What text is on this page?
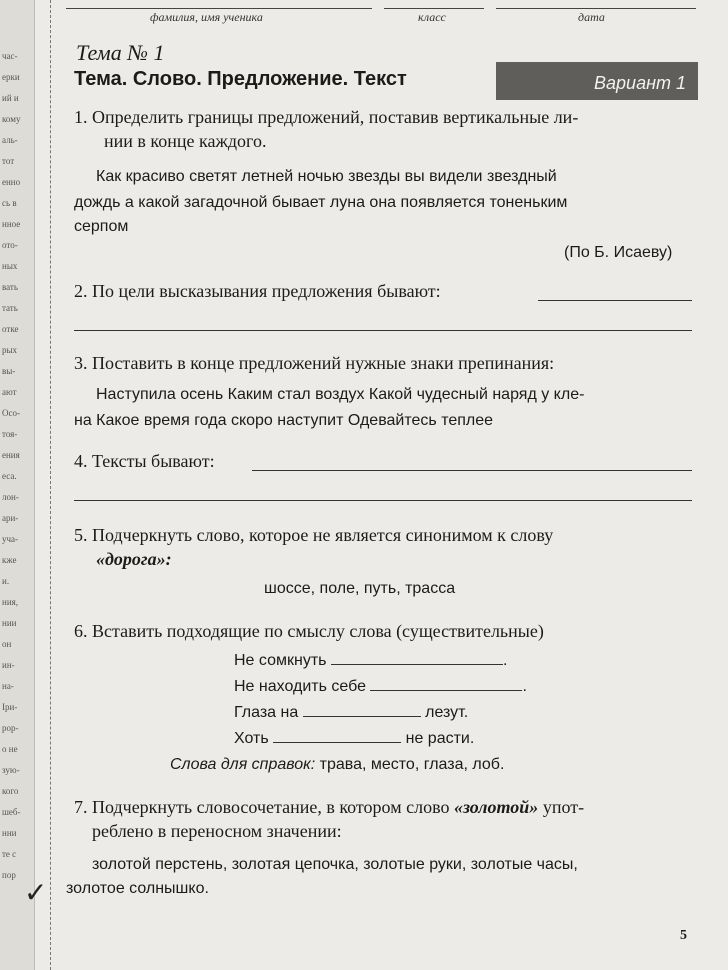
час-
ерки
ий и
кому
аль-
тот
енно
сь в
нное
ото-
ных
вать
тать
отке
рых
вы-
ают
Осо-
тоя-
ения
еса.
лон-
ари-
уча-
кже
и.
ния,
нии
он
ин-
на-
Іри-
рор-
о не
зую-
кого
шеб-
нни
те с
пор
фамилия, имя ученика	класс	дата
Тема № 1
Тема. Слово. Предложение. Текст	Вариант 1
1. Определить границы предложений, поставив вертикальные ли-
нии в конце каждого.
Как красиво светят летней ночью звезды вы видели звездный
дождь а какой загадочной бывает луна она появляется тоненьким
серпом
(По Б. Исаеву)
2. По цели высказывания предложения бывают:
3. Поставить в конце предложений нужные знаки препинания:
Наступила осень Каким стал воздух Какой чудесный наряд у кле-
на Какое время года скоро наступит Одевайтесь теплее
4. Тексты бывают:
5. Подчеркнуть слово, которое не является синонимом к слову
«дорога»:
шоссе, поле, путь, трасса
6. Вставить подходящие по смыслу слова (существительные)
Не сомкнуть	.
Не находить себе	.
Глаза на	лезут.
Хоть	не расти.
Слова для справок: трава, место, глаза, лоб.
7. Подчеркнуть словосочетание, в котором слово «золотой» упот-
реблено в переносном значении:
золотой перстень, золотая цепочка, золотые руки, золотые часы,
золотое солнышко.
✓
5
